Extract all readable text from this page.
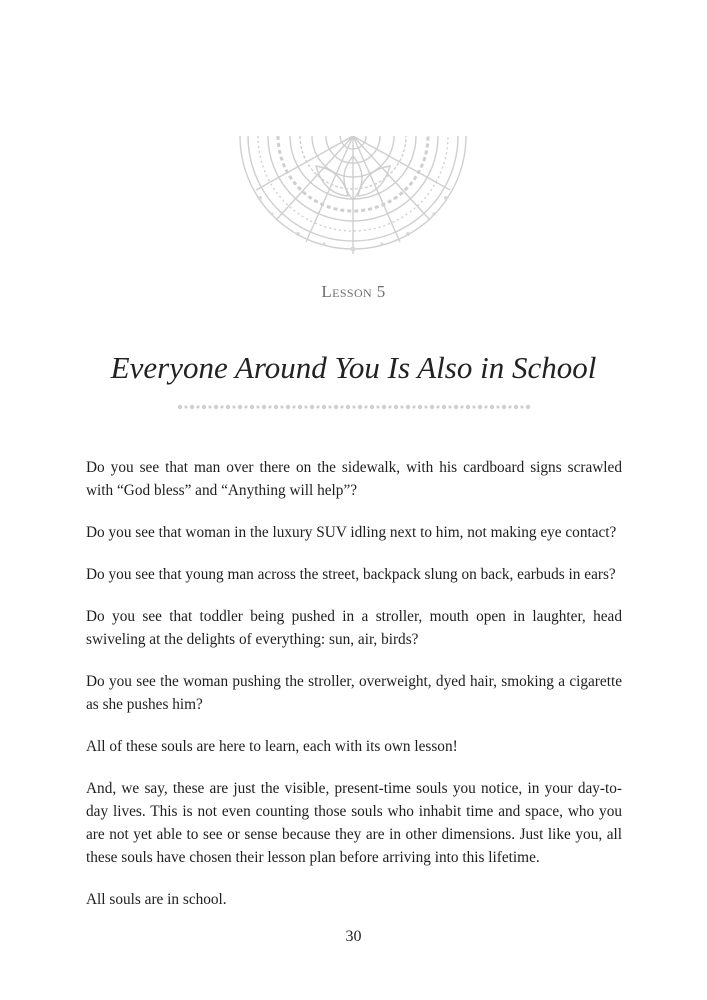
Lesson 5
Everyone Around You Is Also in School

Do you see that man over there on the sidewalk, with his cardboard signs scrawled with “God bless” and “Anything will help”?

Do you see that woman in the luxury SUV idling next to him, not making eye contact?

Do you see that young man across the street, backpack slung on back, earbuds in ears?

Do you see that toddler being pushed in a stroller, mouth open in laughter, head swiveling at the delights of everything: sun, air, birds?

Do you see the woman pushing the stroller, overweight, dyed hair, smoking a cigarette as she pushes him?

All of these souls are here to learn, each with its own lesson!

And, we say, these are just the visible, present-time souls you notice, in your day-to-day lives. This is not even counting those souls who inhabit time and space, who you are not yet able to see or sense because they are in other dimensions. Just like you, all these souls have chosen their lesson plan before arriving into this lifetime.

All souls are in school.

30
